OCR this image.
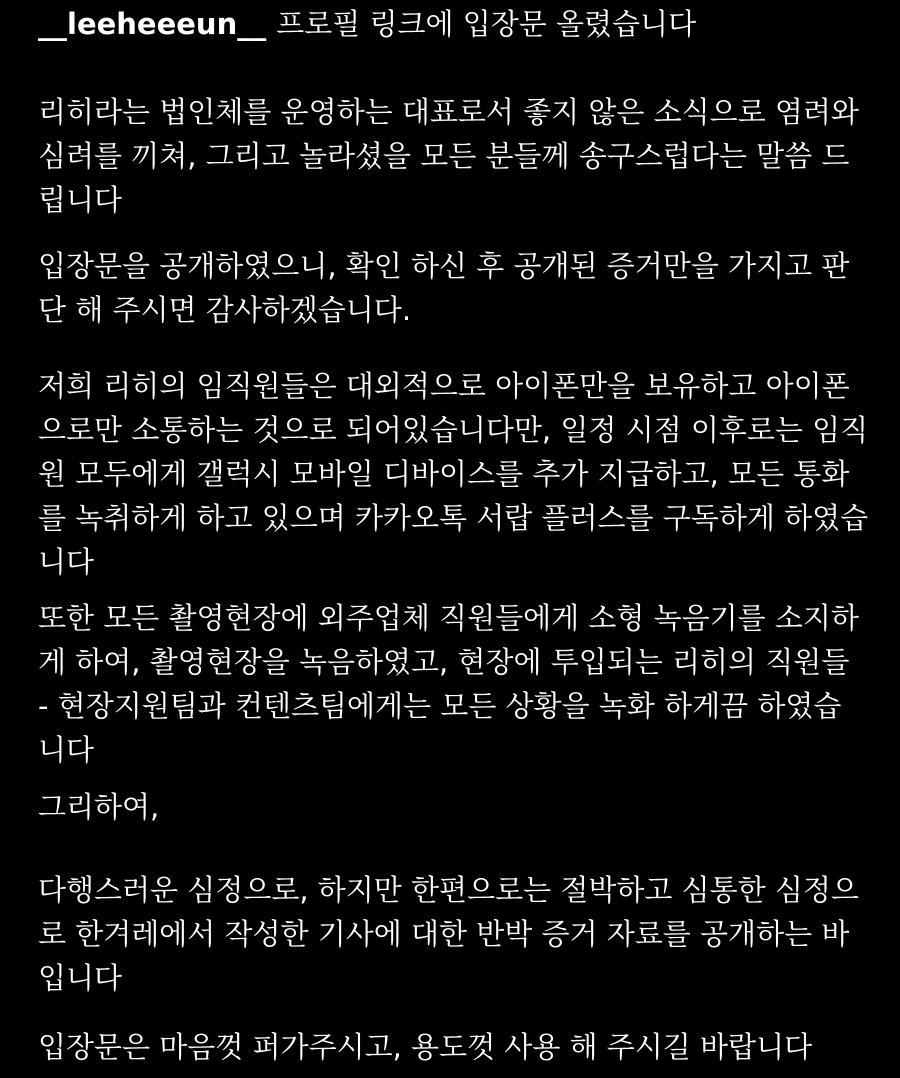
__leeheeeun__ 프로필 링크에 입장문 올렸습니다

리히라는 법인체를 운영하는 대표로서 좋지 않은 소식으로 염려와
심려를 끼쳐, 그리고 놀라셨을 모든 분들께 송구스럽다는 말씀 드
립니다

입장문을 공개하였으니, 확인 하신 후 공개된 증거만을 가지고 판
단 해 주시면 감사하겠습니다.

저희 리히의 임직원들은 대외적으로 아이폰만을 보유하고 아이폰
으로만 소통하는 것으로 되어있습니다만, 일정 시점 이후로는 임직
원 모두에게 갤럭시 모바일 디바이스를 추가 지급하고, 모든 통화
를 녹취하게 하고 있으며 카카오톡 서랍 플러스를 구독하게 하였습
니다

또한 모든 촬영현장에 외주업체 직원들에게 소형 녹음기를 소지하
게 하여, 촬영현장을 녹음하였고, 현장에 투입되는 리히의 직원들
- 현장지원팀과 컨텐츠팀에게는 모든 상황을 녹화 하게끔 하였습
니다

그리하여,

다행스러운 심정으로, 하지만 한편으로는 절박하고 심통한 심정으
로 한겨레에서 작성한 기사에 대한 반박 증거 자료를 공개하는 바
입니다

입장문은 마음껏 퍼가주시고, 용도껏 사용 해 주시길 바랍니다
